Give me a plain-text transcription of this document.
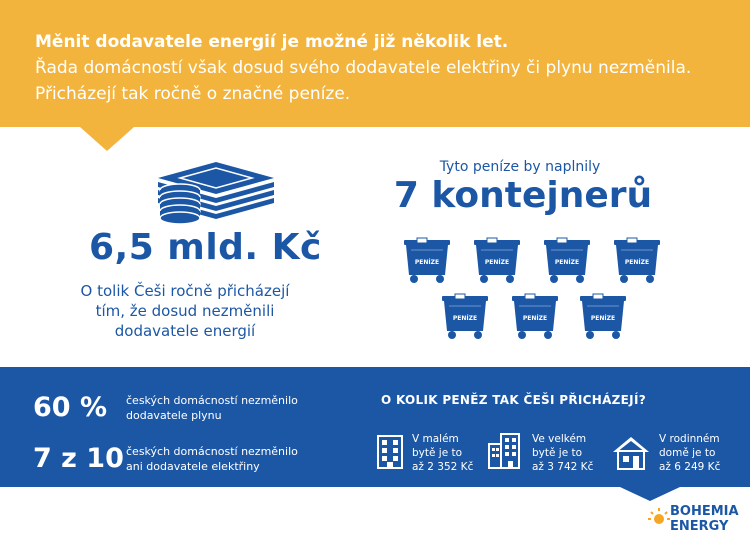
Měnit dodavatele energií je možné již několik let.
Řada domácností však dosud svého dodavatele elektřiny či plynu nezměnila.
Přicházejí tak ročně o značné peníze.
6,5 mld. Kč
O tolik Češi ročně přicházejí
tím, že dosud nezměnili
dodavatele energií
Tyto peníze by naplnily
7 kontejnerů
PENÍZE	PENÍZE	PENÍZE	PENÍZE
PENÍZE	PENÍZE	PENÍZE
60 % českých domácností nezměnilo
dodavatele plynu
7 z 10 českých domácností nezměnilo
ani dodavatele elektřiny
O KOLIK PENĚZ TAK ČEŠI PŘICHÁZEJÍ?
V malém
bytě je to
až 2 352 Kč
Ve velkém
bytě je to
až 3 742 Kč
V rodinném
domě je to
až 6 249 Kč
BOHEMIA
ENERGY
